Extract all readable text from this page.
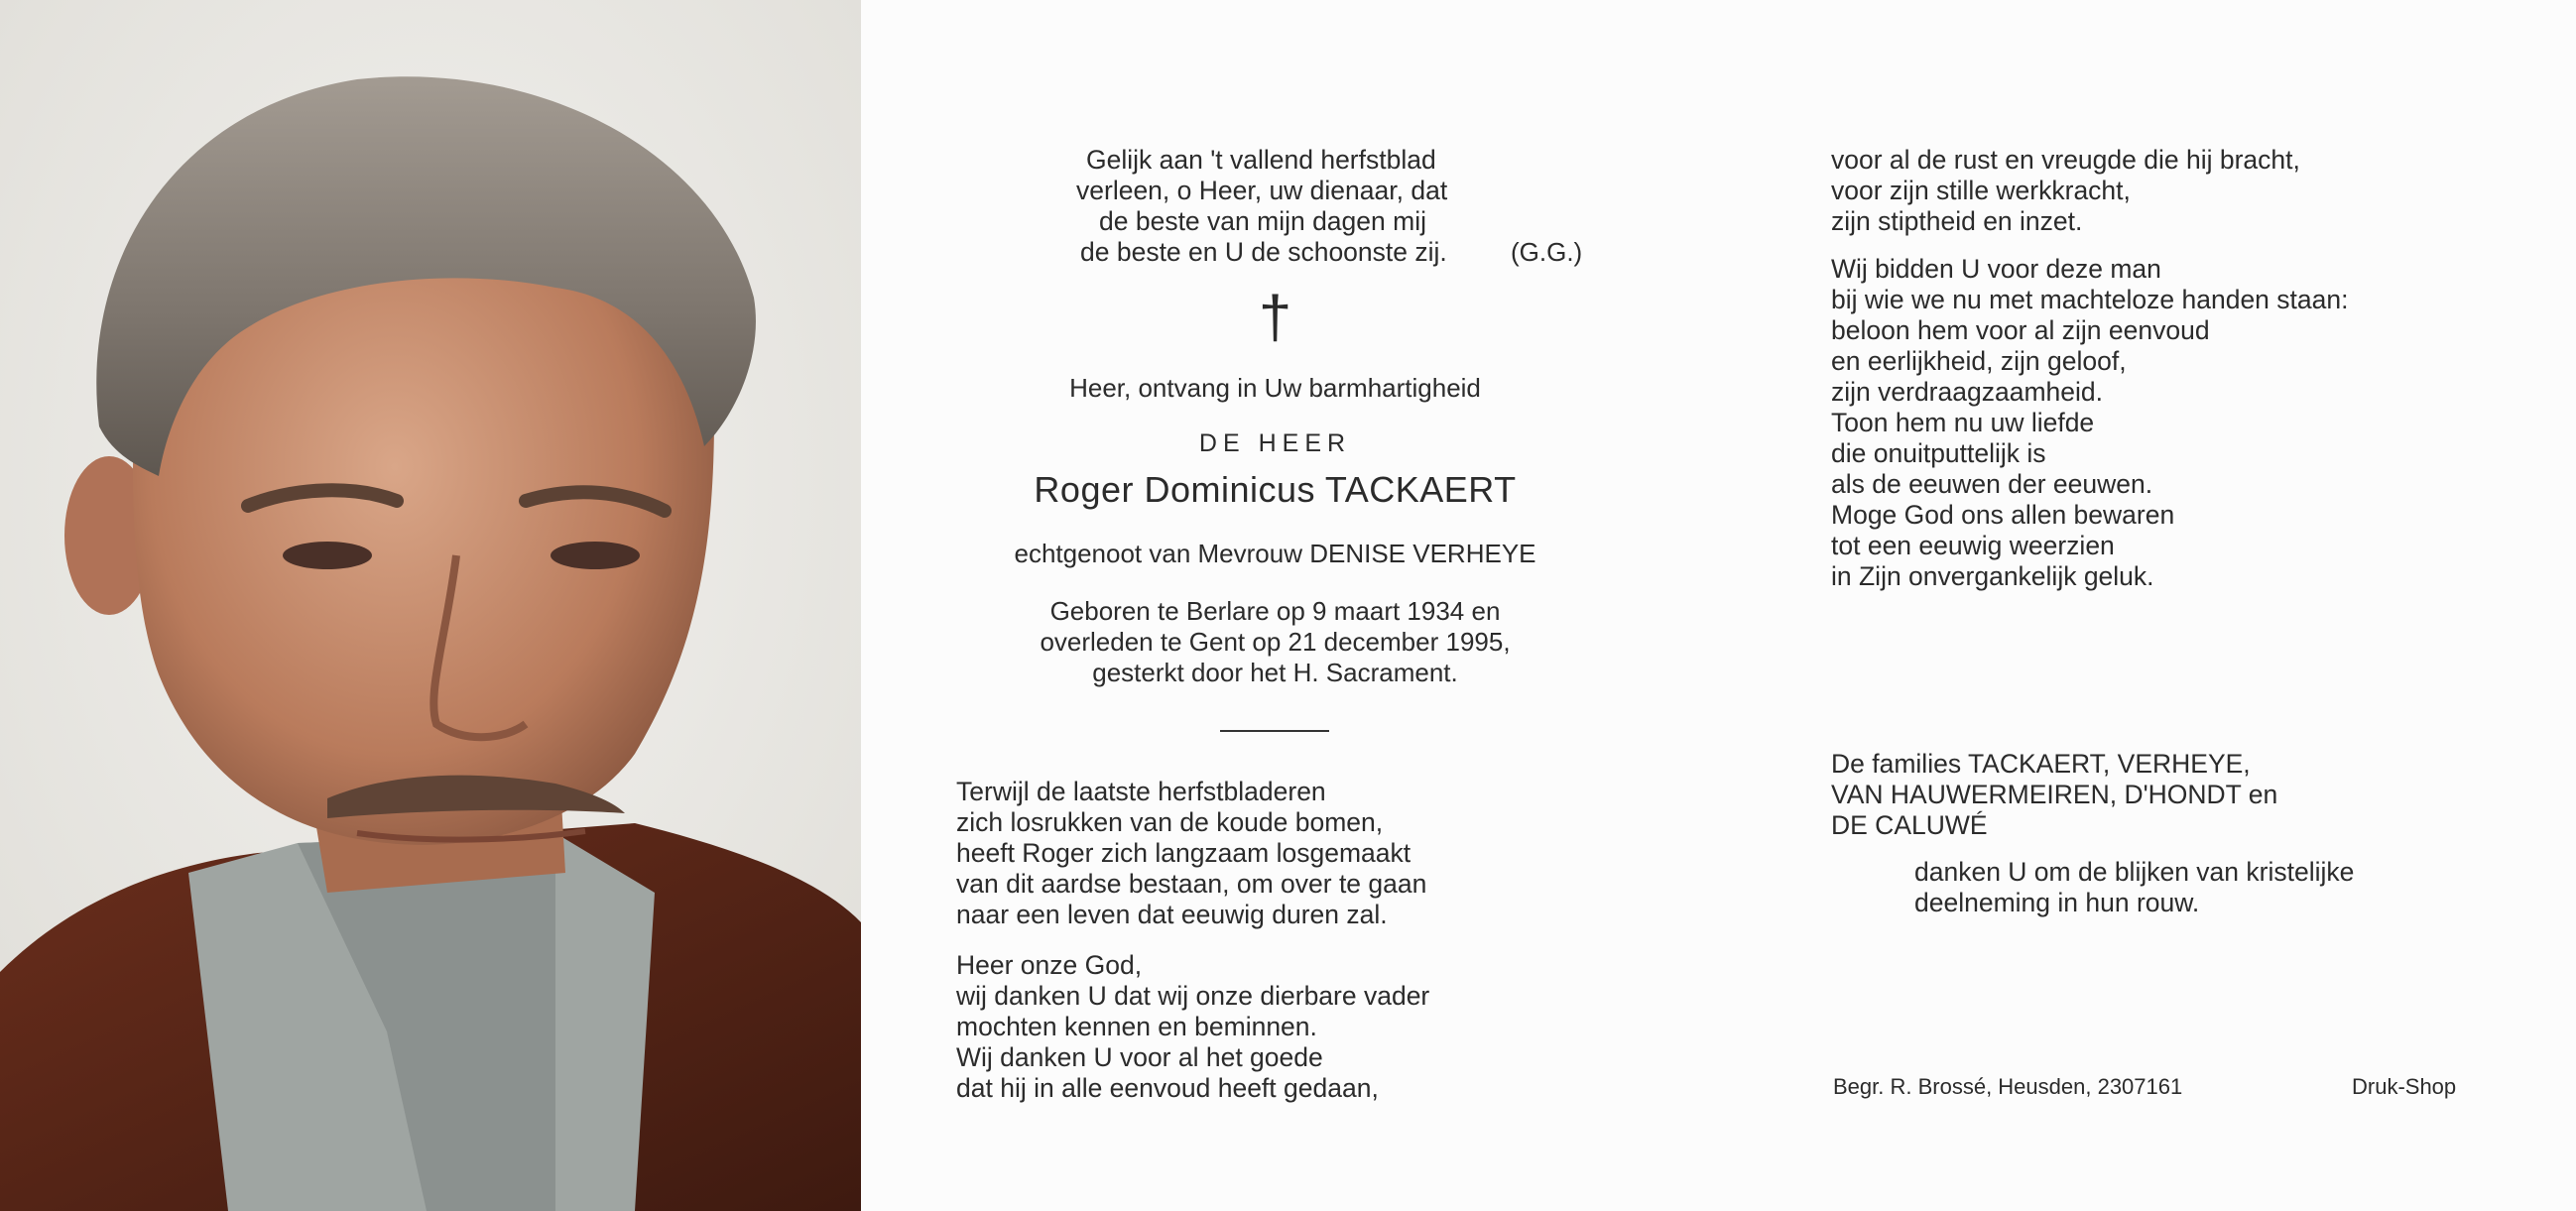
Gelijk aan 't vallend herfstblad
verleen, o Heer, uw dienaar, dat
de beste van mijn dagen mij
de beste en U de schoonste zij. (G.G.)
†
Heer, ontvang in Uw barmhartigheid
DE HEER
Roger Dominicus TACKAERT
echtgenoot van Mevrouw DENISE VERHEYE
Geboren te Berlare op 9 maart 1934 en
overleden te Gent op 21 december 1995,
gesterkt door het H. Sacrament.
Terwijl de laatste herfstbladeren
zich losrukken van de koude bomen,
heeft Roger zich langzaam losgemaakt
van dit aardse bestaan, om over te gaan
naar een leven dat eeuwig duren zal.
Heer onze God,
wij danken U dat wij onze dierbare vader
mochten kennen en beminnen.
Wij danken U voor al het goede
dat hij in alle eenvoud heeft gedaan,
voor al de rust en vreugde die hij bracht,
voor zijn stille werkkracht,
zijn stiptheid en inzet.
Wij bidden U voor deze man
bij wie we nu met machteloze handen staan:
beloon hem voor al zijn eenvoud
en eerlijkheid, zijn geloof,
zijn verdraagzaamheid.
Toon hem nu uw liefde
die onuitputtelijk is
als de eeuwen der eeuwen.
Moge God ons allen bewaren
tot een eeuwig weerzien
in Zijn onvergankelijk geluk.
De families TACKAERT, VERHEYE,
VAN HAUWERMEIREN, D'HONDT en
DE CALUWÉ
danken U om de blijken van kristelijke
deelneming in hun rouw.
Begr. R. Brossé, Heusden, 2307161	Druk-Shop
